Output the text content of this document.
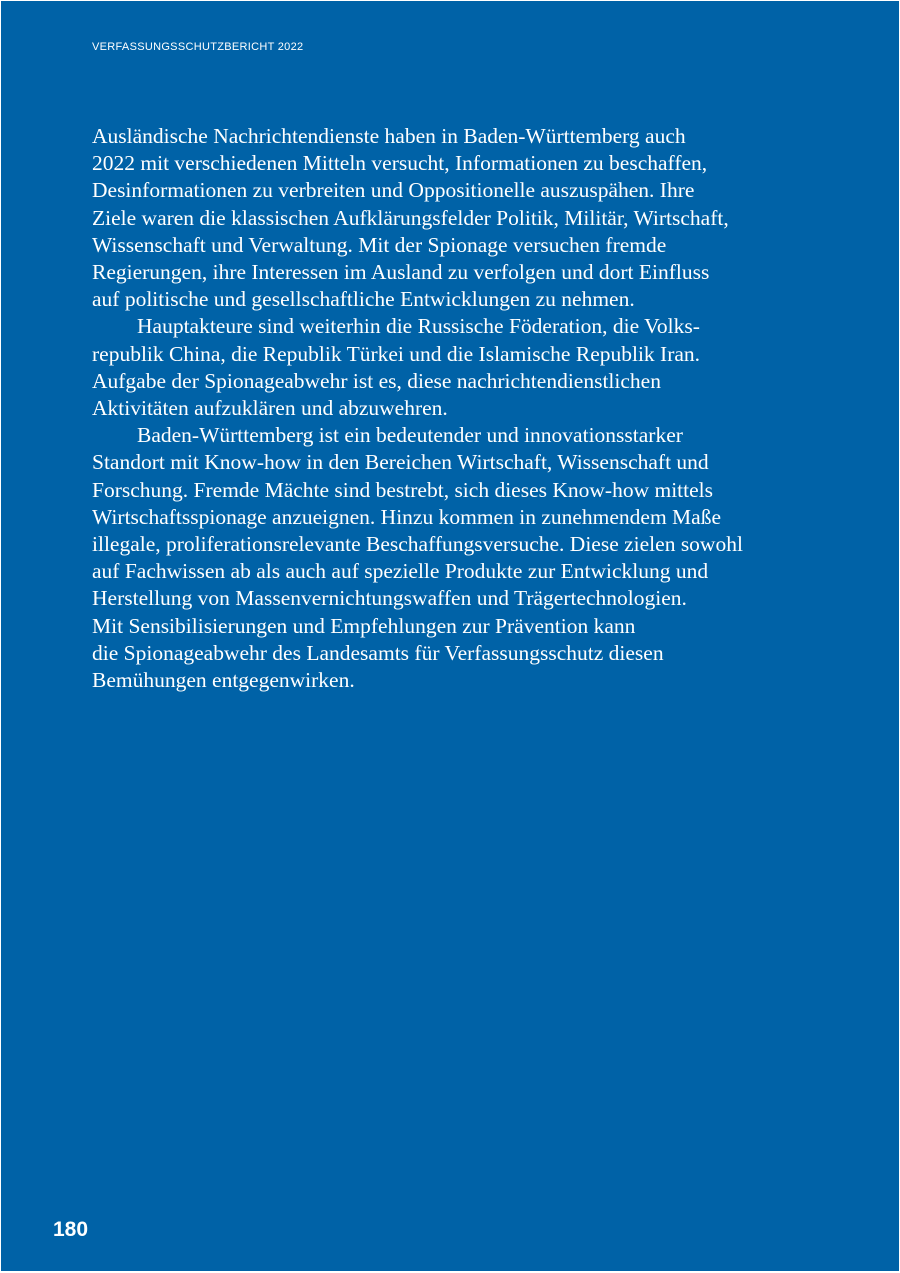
VERFASSUNGSSCHUTZBERICHT 2022

Ausländische Nachrichtendienste haben in Baden-Württemberg auch
2022 mit verschiedenen Mitteln versucht, Informationen zu beschaffen,
Desinformationen zu verbreiten und Oppositionelle auszuspähen. Ihre
Ziele waren die klassischen Aufklärungsfelder Politik, Militär, Wirtschaft,
Wissenschaft und Verwaltung. Mit der Spionage versuchen fremde
Regierungen, ihre Interessen im Ausland zu verfolgen und dort Einfluss
auf politische und gesellschaftliche Entwicklungen zu nehmen.

Hauptakteure sind weiterhin die Russische Föderation, die Volks-
republik China, die Republik Türkei und die Islamische Republik Iran.
Aufgabe der Spionageabwehr ist es, diese nachrichtendienstlichen
Aktivitäten aufzuklären und abzuwehren.

Baden-Württemberg ist ein bedeutender und innovationsstarker
Standort mit Know-how in den Bereichen Wirtschaft, Wissenschaft und
Forschung. Fremde Mächte sind bestrebt, sich dieses Know-how mittels
Wirtschaftsspionage anzueignen. Hinzu kommen in zunehmendem Maße
illegale, proliferationsrelevante Beschaffungsversuche. Diese zielen sowohl
auf Fachwissen ab als auch auf spezielle Produkte zur Entwicklung und
Herstellung von Massenvernichtungswaffen und Trägertechnologien.
Mit Sensibilisierungen und Empfehlungen zur Prävention kann
die Spionageabwehr des Landesamts für Verfassungsschutz diesen
Bemühungen entgegenwirken.

180
